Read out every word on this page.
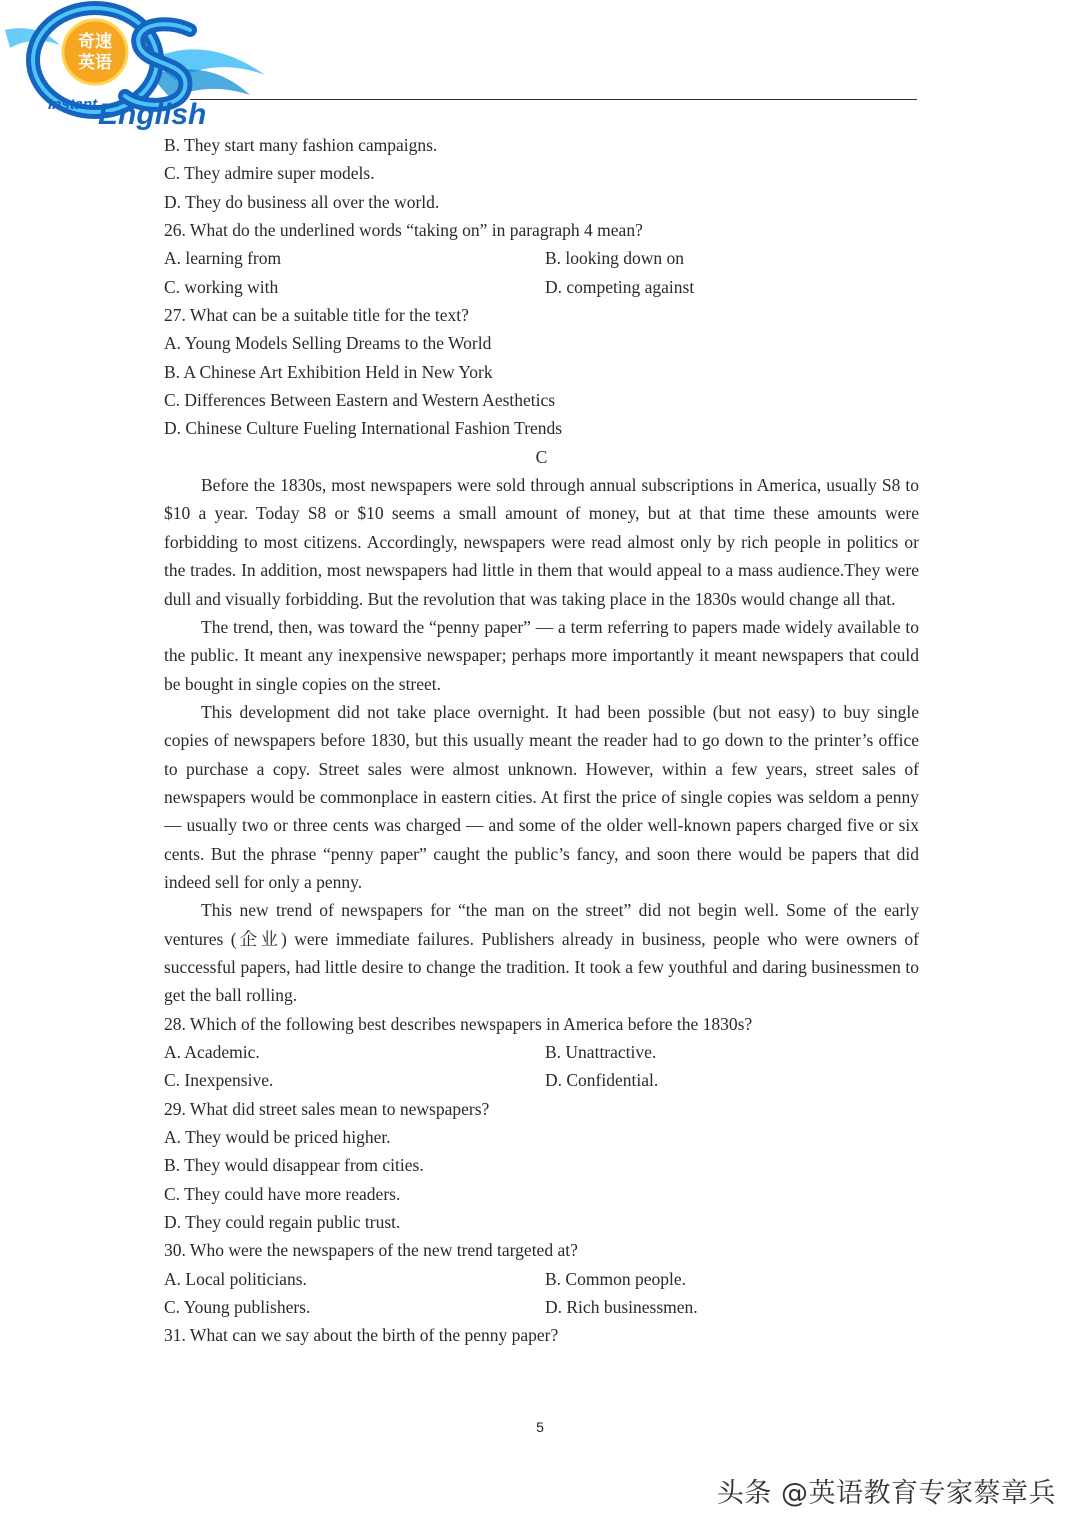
奇速
英语
Instant English
B. They start many fashion campaigns.
C. They admire super models.
D. They do business all over the world.
26. What do the underlined words “taking on” in paragraph 4 mean?
A. learning from	B. looking down on
C. working with	D. competing against
27. What can be a suitable title for the text?
A. Young Models Selling Dreams to the World
B. A Chinese Art Exhibition Held in New York
C. Differences Between Eastern and Western Aesthetics
D. Chinese Culture Fueling International Fashion Trends
C

Before the 1830s, most newspapers were sold through annual subscriptions in America, usually S8 to $10 a year. Today S8 or $10 seems a small amount of money, but at that time these amounts were forbidding to most citizens. Accordingly, newspapers were read almost only by rich people in politics or the trades. In addition, most newspapers had little in them that would appeal to a mass audience.They were dull and visually forbidding. But the revolution that was taking place in the 1830s would change all that.

The trend, then, was toward the “penny paper” — a term referring to papers made widely available to the public. It meant any inexpensive newspaper; perhaps more importantly it meant newspapers that could be bought in single copies on the street.

This development did not take place overnight. It had been possible (but not easy) to buy single copies of newspapers before 1830, but this usually meant the reader had to go down to the printer’s office to purchase a copy. Street sales were almost unknown. However, within a few years, street sales of newspapers would be commonplace in eastern cities. At first the price of single copies was seldom a penny — usually two or three cents was charged — and some of the older well-known papers charged five or six cents. But the phrase “penny paper” caught the public’s fancy, and soon there would be papers that did indeed sell for only a penny.

This new trend of newspapers for “the man on the street” did not begin well. Some of the early ventures (企业) were immediate failures. Publishers already in business, people who were owners of successful papers, had little desire to change the tradition. It took a few youthful and daring businessmen to get the ball rolling.

28. Which of the following best describes newspapers in America before the 1830s?
A. Academic.	B. Unattractive.
C. Inexpensive.	D. Confidential.
29. What did street sales mean to newspapers?
A. They would be priced higher.
B. They would disappear from cities.
C. They could have more readers.
D. They could regain public trust.
30. Who were the newspapers of the new trend targeted at?
A. Local politicians.	B. Common people.
C. Young publishers.	D. Rich businessmen.
31. What can we say about the birth of the penny paper?
5
头条 @英语教育专家蔡章兵
